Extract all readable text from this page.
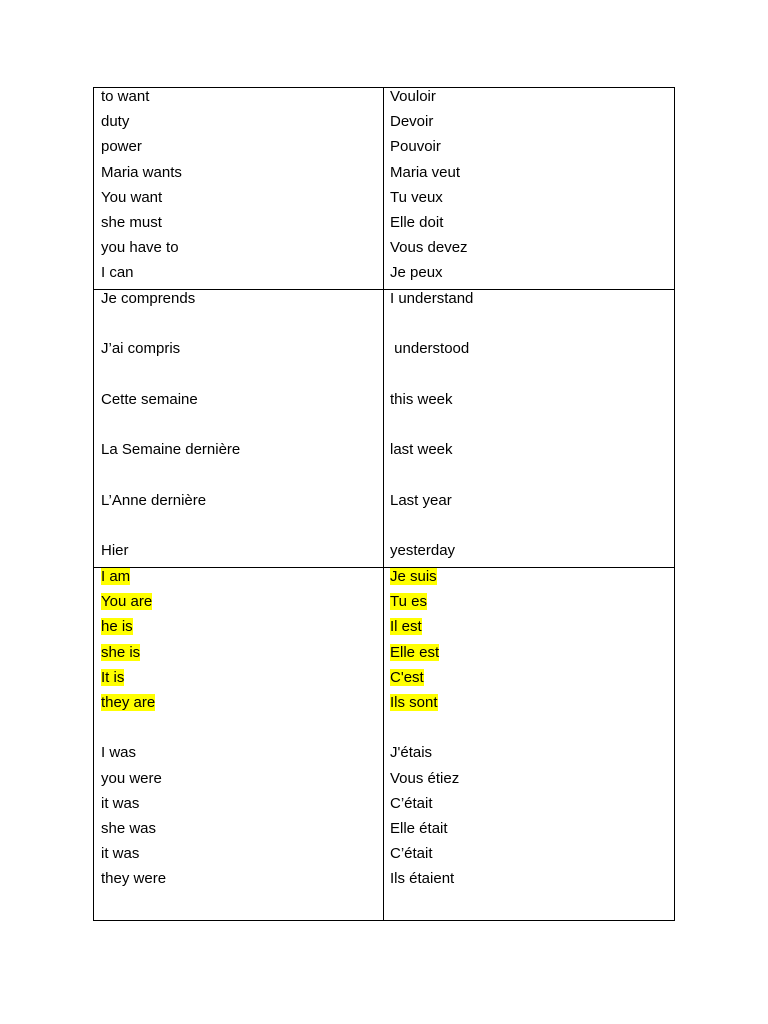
to want
duty
power
Maria wants
You want
she must
you have to
I can
Vouloir
Devoir
Pouvoir
Maria veut
Tu veux
Elle doit
Vous devez
Je peux
Je comprends
J’ai compris
Cette semaine
La Semaine dernière
L’Anne dernière
Hier
I understand
understood
this week
last week
Last year
yesterday
I am
You are
he is
she is
It is
they are
I was
you were
it was
she was
it was
they were
Je suis
Tu es
Il est
Elle est
C'est
Ils sont
J'étais
Vous étiez
C’était
Elle était
C’était
Ils étaient
